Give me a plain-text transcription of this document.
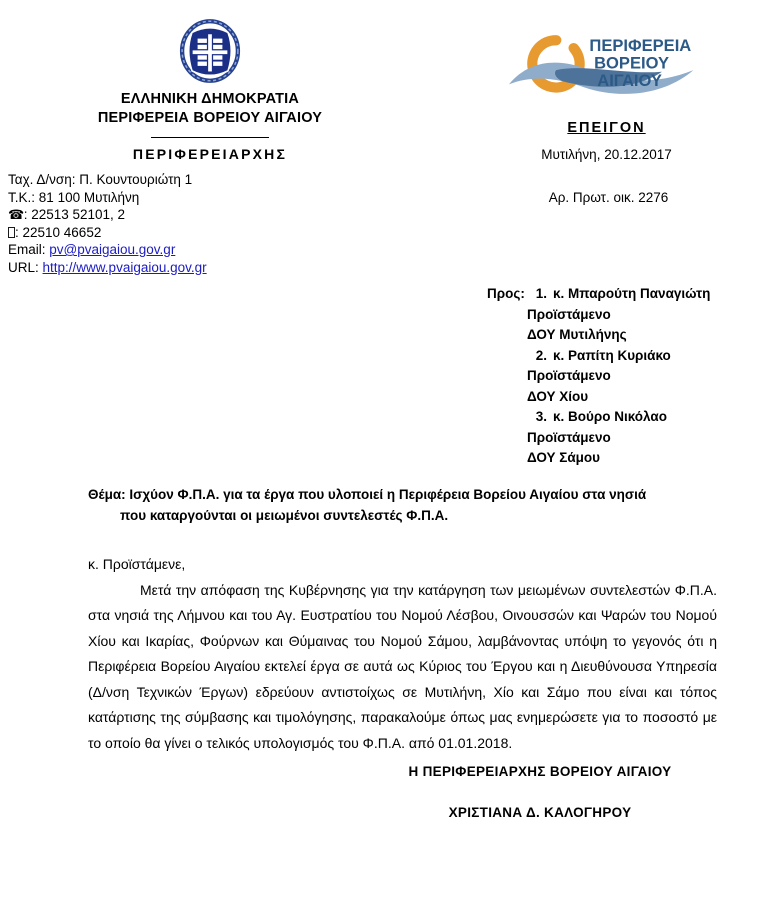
ΕΛΛΗΝΙΚΗ ΔΗΜΟΚΡΑΤΙΑ
ΠΕΡΙΦΕΡΕΙΑ ΒΟΡΕΙΟΥ ΑΙΓΑΙΟΥ
ΠΕΡΙΦΕΡΕΙΑΡΧΗΣ
Ταχ. Δ/νση: Π. Κουντουριώτη 1
Τ.Κ.: 81 100 Μυτιλήνη
☎: 22513 52101, 2
: 22510 46652
Email: pv@pvaigaiou.gov.gr
URL: http://www.pvaigaiou.gov.gr
ΠΕΡΙΦΕΡΕΙΑ
ΒΟΡΕΙΟΥ
ΑΙΓΑΙΟΥ
ΕΠΕΙΓΟΝ
Μυτιλήνη, 20.12.2017
Αρ. Πρωτ. οικ. 2276
Προς: 1. κ. Μπαρούτη Παναγιώτη
Προϊστάμενο
ΔΟΥ Μυτιλήνης
2. κ. Ραπίτη Κυριάκο
Προϊστάμενο
ΔΟΥ Χίου
3. κ. Βούρο Νικόλαο
Προϊστάμενο
ΔΟΥ Σάμου
Θέμα: Ισχύον Φ.Π.Α. για τα έργα που υλοποιεί η Περιφέρεια Βορείου Αιγαίου στα νησιά
που καταργούνται οι μειωμένοι συντελεστές Φ.Π.Α.
κ. Προϊστάμενε,

Μετά την απόφαση της Κυβέρνησης για την κατάργηση των μειωμένων συντελεστών Φ.Π.Α. στα νησιά της Λήμνου και του Αγ. Ευστρατίου του Νομού Λέσβου, Οινουσσών και Ψαρών του Νομού Χίου και Ικαρίας, Φούρνων και Θύμαινας του Νομού Σάμου, λαμβάνοντας υπόψη το γεγονός ότι η Περιφέρεια Βορείου Αιγαίου εκτελεί έργα σε αυτά ως Κύριος του Έργου και η Διευθύνουσα Υπηρεσία (Δ/νση Τεχνικών Έργων) εδρεύουν αντιστοίχως σε Μυτιλήνη, Χίο και Σάμο που είναι και τόπος κατάρτισης της σύμβασης και τιμολόγησης, παρακαλούμε όπως μας ενημερώσετε για το ποσοστό με το οποίο θα γίνει ο τελικός υπολογισμός του Φ.Π.Α. από 01.01.2018.

Η ΠΕΡΙΦΕΡΕΙΑΡΧΗΣ ΒΟΡΕΙΟΥ ΑΙΓΑΙΟΥ
ΧΡΙΣΤΙΑΝΑ Δ. ΚΑΛΟΓΗΡΟΥ
